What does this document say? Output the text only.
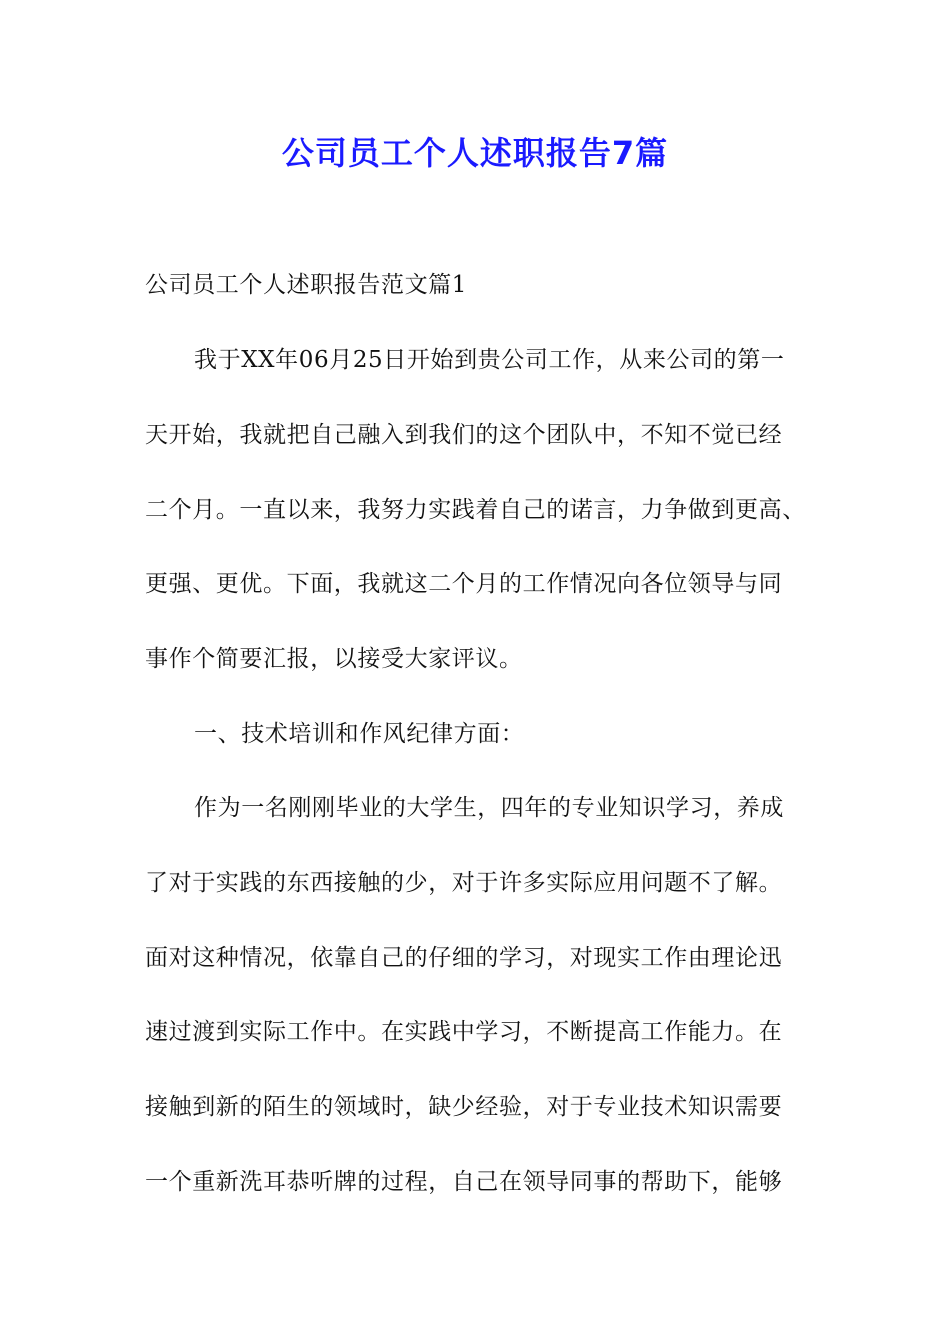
公司员工个人述职报告7篇
公司员工个人述职报告范文篇1
我于XX年06月25日开始到贵公司工作，从来公司的第一
天开始，我就把自己融入到我们的这个团队中，不知不觉已经
二个月。一直以来，我努力实践着自己的诺言，力争做到更高、
更强、更优。下面，我就这二个月的工作情况向各位领导与同
事作个简要汇报，以接受大家评议。
一、技术培训和作风纪律方面：
作为一名刚刚毕业的大学生，四年的专业知识学习，养成
了对于实践的东西接触的少，对于许多实际应用问题不了解。
面对这种情况，依靠自己的仔细的学习，对现实工作由理论迅
速过渡到实际工作中。在实践中学习，不断提高工作能力。在
接触到新的陌生的领域时，缺少经验，对于专业技术知识需要
一个重新洗耳恭听牌的过程，自己在领导同事的帮助下，能够
